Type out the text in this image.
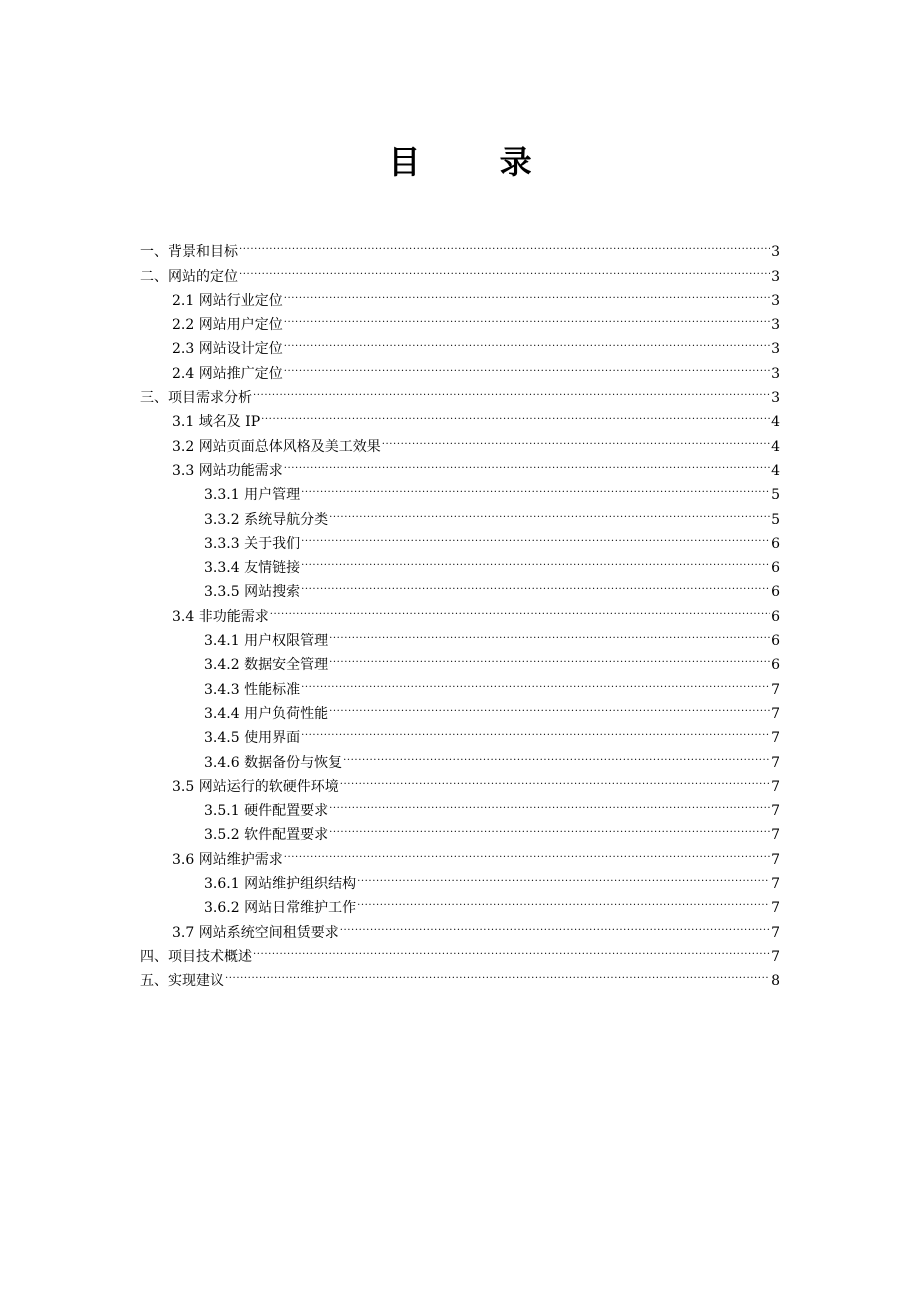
目 录
一、背景和目标 .....	3
二、网站的定位 .....	3
2.1 网站行业定位 .....	3
2.2 网站用户定位 .....	3
2.3 网站设计定位 .....	3
2.4 网站推广定位 .....	3
三、项目需求分析 .....	3
3.1 域名及 IP .....	4
3.2 网站页面总体风格及美工效果 .....	4
3.3 网站功能需求 .....	4
3.3.1 用户管理 .....	5
3.3.2 系统导航分类 .....	5
3.3.3 关于我们 .....	6
3.3.4 友情链接 .....	6
3.3.5 网站搜索 .....	6
3.4 非功能需求 .....	6
3.4.1 用户权限管理 .....	6
3.4.2 数据安全管理 .....	6
3.4.3 性能标准 .....	7
3.4.4 用户负荷性能 .....	7
3.4.5 使用界面 .....	7
3.4.6 数据备份与恢复 .....	7
3.5 网站运行的软硬件环境 .....	7
3.5.1 硬件配置要求 .....	7
3.5.2 软件配置要求 .....	7
3.6 网站维护需求 .....	7
3.6.1 网站维护组织结构 .....	7
3.6.2 网站日常维护工作 .....	7
3.7 网站系统空间租赁要求 .....	7
四、项目技术概述 .....	7
五、实现建议 .....	8
